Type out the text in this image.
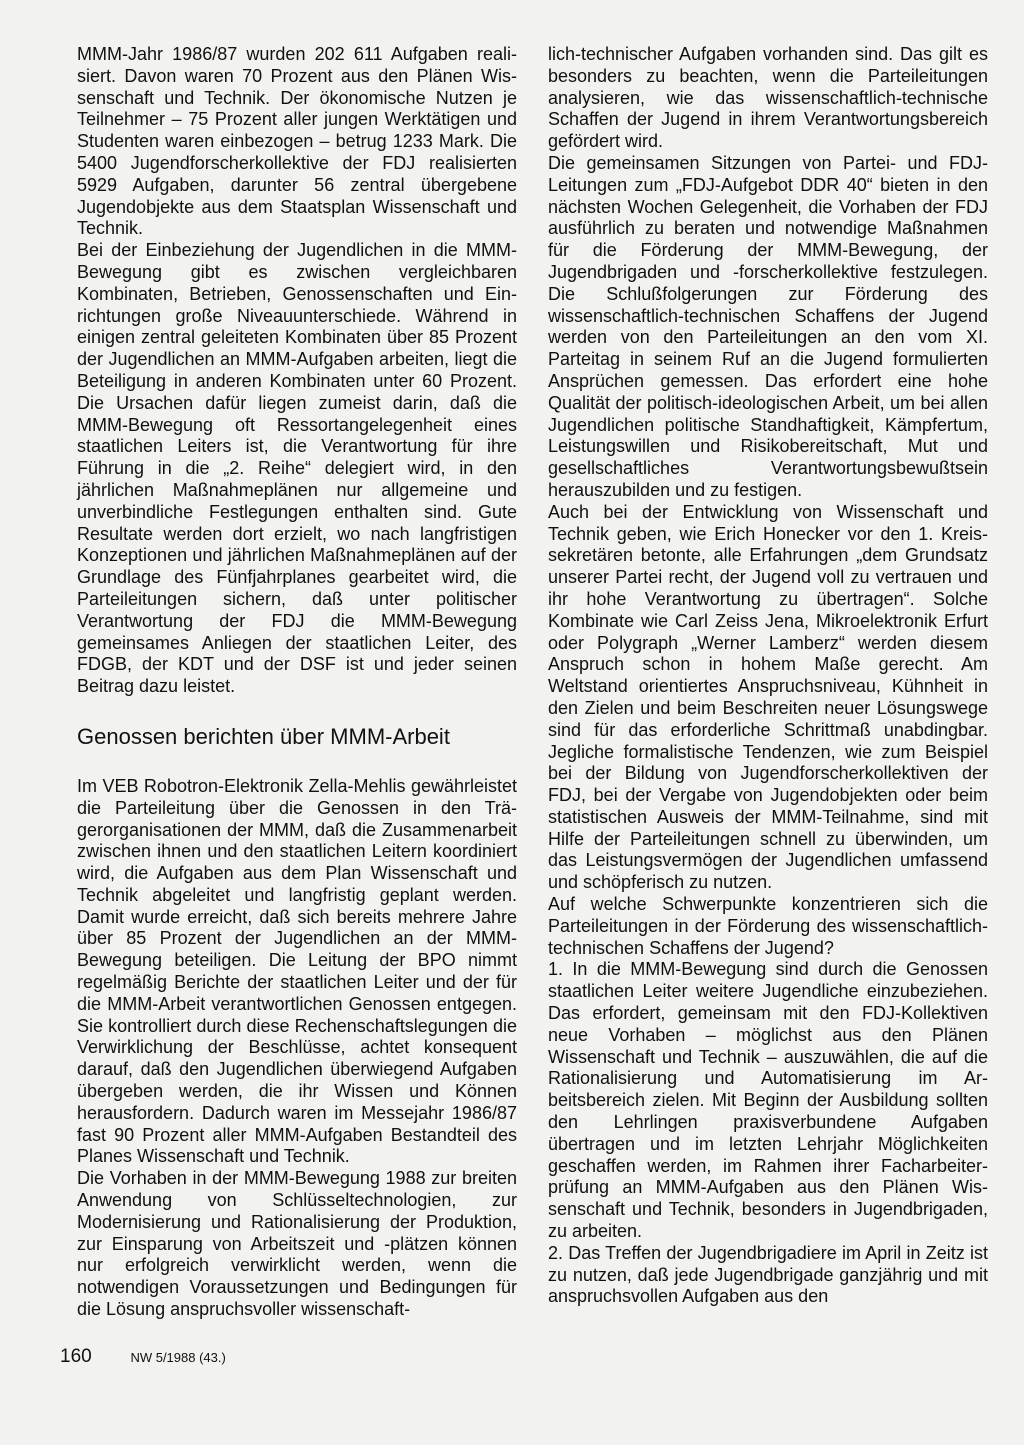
MMM-Jahr 1986/87 wurden 202 611 Aufgaben realisiert. Davon waren 70 Prozent aus den Plänen Wissenschaft und Technik. Der ökonomische Nutzen je Teilnehmer – 75 Prozent aller jungen Werktätigen und Studenten waren einbezogen – betrug 1233 Mark. Die 5400 Jugendforscherkollektive der FDJ realisierten 5929 Aufgaben, darunter 56 zentral übergebene Jugendobjekte aus dem Staatsplan Wissenschaft und Technik.

Bei der Einbeziehung der Jugendlichen in die MMM-Bewegung gibt es zwischen vergleichbaren Kombinaten, Betrieben, Genossenschaften und Einrichtungen große Niveauunterschiede. Während in einigen zentral geleiteten Kombinaten über 85 Prozent der Jugendlichen an MMM-Aufgaben arbeiten, liegt die Beteiligung in anderen Kombinaten unter 60 Prozent. Die Ursachen dafür liegen zumeist darin, daß die MMM-Bewegung oft Ressortangelegenheit eines staatlichen Leiters ist, die Verantwortung für ihre Führung in die „2. Reihe“ delegiert wird, in den jährlichen Maßnahmeplänen nur allgemeine und unverbindliche Festlegungen enthalten sind. Gute Resultate werden dort erzielt, wo nach langfristigen Konzeptionen und jährlichen Maßnahmeplänen auf der Grundlage des Fünfjahrplanes gearbeitet wird, die Parteileitungen sichern, daß unter politischer Verantwortung der FDJ die MMM-Bewegung gemeinsames Anliegen der staatlichen Leiter, des FDGB, der KDT und der DSF ist und jeder seinen Beitrag dazu leistet.

Genossen berichten über MMM-Arbeit

Im VEB Robotron-Elektronik Zella-Mehlis gewährleistet die Parteileitung über die Genossen in den Trägerorganisationen der MMM, daß die Zusammenarbeit zwischen ihnen und den staatlichen Leitern koordiniert wird, die Aufgaben aus dem Plan Wissenschaft und Technik abgeleitet und langfristig geplant werden. Damit wurde erreicht, daß sich bereits mehrere Jahre über 85 Prozent der Jugendlichen an der MMM-Bewegung beteiligen. Die Leitung der BPO nimmt regelmäßig Berichte der staatlichen Leiter und der für die MMM-Arbeit verantwortlichen Genossen entgegen. Sie kontrolliert durch diese Rechenschaftslegungen die Verwirklichung der Beschlüsse, achtet konsequent darauf, daß den Jugendlichen überwiegend Aufgaben übergeben werden, die ihr Wissen und Können herausfordern. Dadurch waren im Messejahr 1986/87 fast 90 Prozent aller MMM-Aufgaben Bestandteil des Planes Wissenschaft und Technik.

Die Vorhaben in der MMM-Bewegung 1988 zur breiten Anwendung von Schlüsseltechnologien, zur Modernisierung und Rationalisierung der Produktion, zur Einsparung von Arbeitszeit und -plätzen können nur erfolgreich verwirklicht werden, wenn die notwendigen Voraussetzungen und Bedingungen für die Lösung anspruchsvoller wissenschaft-

lich-technischer Aufgaben vorhanden sind. Das gilt es besonders zu beachten, wenn die Parteileitungen analysieren, wie das wissenschaftlich-technische Schaffen der Jugend in ihrem Verantwortungsbereich gefördert wird.

Die gemeinsamen Sitzungen von Partei- und FDJ-Leitungen zum „FDJ-Aufgebot DDR 40“ bieten in den nächsten Wochen Gelegenheit, die Vorhaben der FDJ ausführlich zu beraten und notwendige Maßnahmen für die Förderung der MMM-Bewegung, der Jugendbrigaden und -forscherkollektive festzulegen. Die Schlußfolgerungen zur Förderung des wissenschaftlich-technischen Schaffens der Jugend werden von den Parteileitungen an den vom XI. Parteitag in seinem Ruf an die Jugend formulierten Ansprüchen gemessen. Das erfordert eine hohe Qualität der politisch-ideologischen Arbeit, um bei allen Jugendlichen politische Standhaftigkeit, Kämpfertum, Leistungswillen und Risikobereitschaft, Mut und gesellschaftliches Verantwortungsbewußtsein herauszubilden und zu festigen.

Auch bei der Entwicklung von Wissenschaft und Technik geben, wie Erich Honecker vor den 1. Kreissekretären betonte, alle Erfahrungen „dem Grundsatz unserer Partei recht, der Jugend voll zu vertrauen und ihr hohe Verantwortung zu übertragen“. Solche Kombinate wie Carl Zeiss Jena, Mikroelektronik Erfurt oder Polygraph „Werner Lamberz“ werden diesem Anspruch schon in hohem Maße gerecht. Am Weltstand orientiertes Anspruchsniveau, Kühnheit in den Zielen und beim Beschreiten neuer Lösungswege sind für das erforderliche Schrittmaß unabdingbar. Jegliche formalistische Tendenzen, wie zum Beispiel bei der Bildung von Jugendforscherkollektiven der FDJ, bei der Vergabe von Jugendobjekten oder beim statistischen Ausweis der MMM-Teilnahme, sind mit Hilfe der Parteileitungen schnell zu überwinden, um das Leistungsvermögen der Jugendlichen umfassend und schöpferisch zu nutzen.

Auf welche Schwerpunkte konzentrieren sich die Parteileitungen in der Förderung des wissenschaftlich-technischen Schaffens der Jugend?

1. In die MMM-Bewegung sind durch die Genossen staatlichen Leiter weitere Jugendliche einzubeziehen. Das erfordert, gemeinsam mit den FDJ-Kollektiven neue Vorhaben – möglichst aus den Plänen Wissenschaft und Technik – auszuwählen, die auf die Rationalisierung und Automatisierung im Arbeitsbereich zielen. Mit Beginn der Ausbildung sollten den Lehrlingen praxisverbundene Aufgaben übertragen und im letzten Lehrjahr Möglichkeiten geschaffen werden, im Rahmen ihrer Facharbeiterprüfung an MMM-Aufgaben aus den Plänen Wissenschaft und Technik, besonders in Jugendbrigaden, zu arbeiten.

2. Das Treffen der Jugendbrigadiere im April in Zeitz ist zu nutzen, daß jede Jugendbrigade ganzjährig und mit anspruchsvollen Aufgaben aus den

160	NW 5/1988 (43.)
